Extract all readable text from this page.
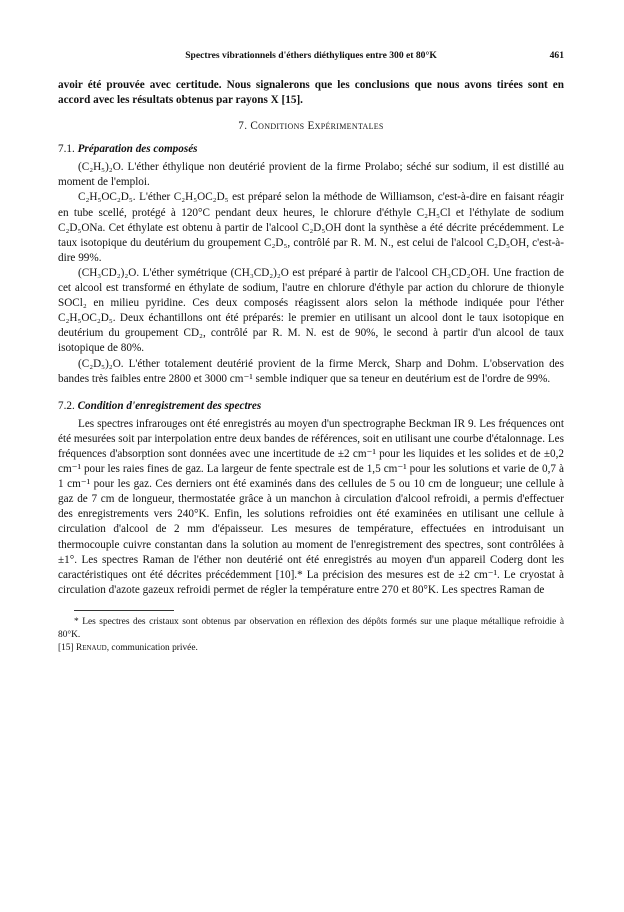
Spectres vibrationnels d'éthers diéthyliques entre 300 et 80°K	461

avoir été prouvée avec certitude. Nous signalerons que les conclusions que nous avons tirées sont en accord avec les résultats obtenus par rayons X [15].

7. Conditions Expérimentales
7.1. Préparation des composés

(C₂H₅)₂O. L'éther éthylique non deutérié provient de la firme Prolabo; séché sur sodium, il est distillé au moment de l'emploi.

C₂H₅OC₂D₅. L'éther C₂H₅OC₂D₅ est préparé selon la méthode de Williamson, c'est-à-dire en faisant réagir en tube scellé, protégé à 120°C pendant deux heures, le chlorure d'éthyle C₂H₅Cl et l'éthylate de sodium C₂D₅ONa. Cet éthylate est obtenu à partir de l'alcool C₂D₅OH dont la synthèse a été décrite précédemment. Le taux isotopique du deutérium du groupement C₂D₅, contrôlé par R. M. N., est celui de l'alcool C₂D₅OH, c'est-à-dire 99%.

(CH₃CD₂)₂O. L'éther symétrique (CH₃CD₂)₂O est préparé à partir de l'alcool CH₃CD₂OH. Une fraction de cet alcool est transformé en éthylate de sodium, l'autre en chlorure d'éthyle par action du chlorure de thionyle SOCl₂ en milieu pyridine. Ces deux composés réagissent alors selon la méthode indiquée pour l'éther C₂H₅OC₂D₅. Deux échantillons ont été préparés: le premier en utilisant un alcool dont le taux isotopique en deutérium du groupement CD₂, contrôlé par R. M. N. est de 90%, le second à partir d'un alcool de taux isotopique de 80%.

(C₂D₅)₂O. L'éther totalement deutérié provient de la firme Merck, Sharp and Dohm. L'observation des bandes très faibles entre 2800 et 3000 cm⁻¹ semble indiquer que sa teneur en deutérium est de l'ordre de 99%.

7.2. Condition d'enregistrement des spectres

Les spectres infrarouges ont été enregistrés au moyen d'un spectrographe Beckman IR 9. Les fréquences ont été mesurées soit par interpolation entre deux bandes de références, soit en utilisant une courbe d'étalonnage. Les fréquences d'absorption sont données avec une incertitude de ±2 cm⁻¹ pour les liquides et les solides et de ±0,2 cm⁻¹ pour les raies fines de gaz. La largeur de fente spectrale est de 1,5 cm⁻¹ pour les solutions et varie de 0,7 à 1 cm⁻¹ pour les gaz. Ces derniers ont été examinés dans des cellules de 5 ou 10 cm de longueur; une cellule à gaz de 7 cm de longueur, thermostatée grâce à un manchon à circulation d'alcool refroidi, a permis d'effectuer des enregistrements vers 240°K. Enfin, les solutions refroidies ont été examinées en utilisant une cellule à circulation d'alcool de 2 mm d'épaisseur. Les mesures de température, effectuées en introduisant un thermocouple cuivre constantan dans la solution au moment de l'enregistrement des spectres, sont contrôlées à ±1°. Les spectres Raman de l'éther non deutérié ont été enregistrés au moyen d'un appareil Coderg dont les caractéristiques ont été décrites précédemment [10].* La précision des mesures est de ±2 cm⁻¹. Le cryostat à circulation d'azote gazeux refroidi permet de régler la température entre 270 et 80°K. Les spectres Raman de

* Les spectres des cristaux sont obtenus par observation en réflexion des dépôts formés sur une plaque métallique refroidie à 80°K.

[15] Renaud, communication privée.
